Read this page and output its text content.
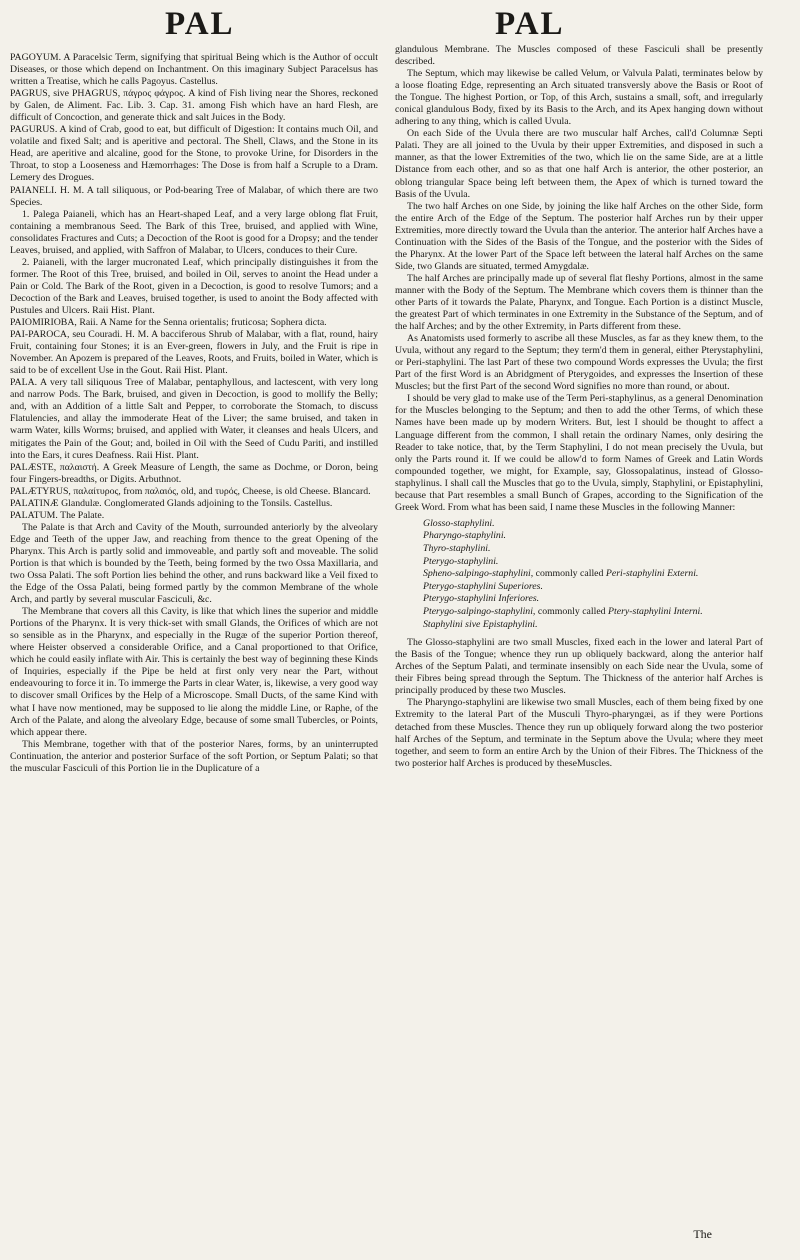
PAL	PAL

PAGOYUM. A Paracelsic Term, signifying that spiritual Being which is the Author of occult Diseases, or those which depend on Inchantment. On this imaginary Subject Paracelsus has written a Treatise, which he calls Pagoyus. Castellus.

PAGRUS, sive PHAGRUS, πάγρος φάγρος. A kind of Fish living near the Shores, reckoned by Galen, de Aliment. Fac. Lib. 3. Cap. 31. among Fish which have an hard Flesh, are difficult of Concoction, and generate thick and salt Juices in the Body.

PAGURUS. A kind of Crab, good to eat, but difficult of Digestion: It contains much Oil, and volatile and fixed Salt; and is aperitive and pectoral. The Shell, Claws, and the Stone in its Head, are aperitive and alcaline, good for the Stone, to provoke Urine, for Disorders in the Throat, to stop a Looseness and Hæmorrhages: The Dose is from half a Scruple to a Dram. Lemery des Drogues.

PAIANELI. H. M. A tall siliquous, or Pod-bearing Tree of Malabar, of which there are two Species.

1. Palega Paianeli, which has an Heart-shaped Leaf, and a very large oblong flat Fruit, containing a membranous Seed. The Bark of this Tree, bruised, and applied with Wine, consolidates Fractures and Cuts; a Decoction of the Root is good for a Dropsy; and the tender Leaves, bruised, and applied, with Saffron of Malabar, to Ulcers, conduces to their Cure.

2. Paianeli, with the larger mucronated Leaf, which principally distinguishes it from the former. The Root of this Tree, bruised, and boiled in Oil, serves to anoint the Head under a Pain or Cold. The Bark of the Root, given in a Decoction, is good to resolve Tumors; and a Decoction of the Bark and Leaves, bruised together, is used to anoint the Body affected with Pustules and Ulcers. Raii Hist. Plant.

PAIOMIRIOBA, Raii. A Name for the Senna orientalis; fruticosa; Sophera dicta.

PAI-PAROCA, seu Couradi. H. M. A bacciferous Shrub of Malabar, with a flat, round, hairy Fruit, containing four Stones; it is an Ever-green, flowers in July, and the Fruit is ripe in November. An Apozem is prepared of the Leaves, Roots, and Fruits, boiled in Water, which is said to be of excellent Use in the Gout. Raii Hist. Plant.

PALA. A very tall siliquous Tree of Malabar, pentaphyllous, and lactescent, with very long and narrow Pods. The Bark, bruised, and given in Decoction, is good to mollify the Belly; and, with an Addition of a little Salt and Pepper, to corroborate the Stomach, to discuss Flatulencies, and allay the immoderate Heat of the Liver; the same bruised, and taken in warm Water, kills Worms; bruised, and applied with Water, it cleanses and heals Ulcers, and mitigates the Pain of the Gout; and, boiled in Oil with the Seed of Cudu Pariti, and instilled into the Ears, it cures Deafness. Raii Hist. Plant.

PALÆSTE, παλαιστή. A Greek Measure of Length, the same as Dochme, or Doron, being four Fingers-breadths, or Digits. Arbuthnot.

PALÆTYRUS, παλαίτυρος, from παλαιός, old, and τυρός, Cheese, is old Cheese. Blancard.

PALATINÆ Glandulæ. Conglomerated Glands adjoining to the Tonsils. Castellus.

PALATUM. The Palate.

The Palate is that Arch and Cavity of the Mouth, surrounded anteriorly by the alveolary Edge and Teeth of the upper Jaw, and reaching from thence to the great Opening of the Pharynx. This Arch is partly solid and immoveable, and partly soft and moveable. The solid Portion is that which is bounded by the Teeth, being formed by the two Ossa Maxillaria, and two Ossa Palati. The soft Portion lies behind the other, and runs backward like a Veil fixed to the Edge of the Ossa Palati, being formed partly by the common Membrane of the whole Arch, and partly by several muscular Fasciculi, &c.

The Membrane that covers all this Cavity, is like that which lines the superior and middle Portions of the Pharynx. It is very thick-set with small Glands, the Orifices of which are not so sensible as in the Pharynx, and especially in the Rugæ of the superior Portion thereof, where Heister observed a considerable Orifice, and a Canal proportioned to that Orifice, which he could easily inflate with Air. This is certainly the best way of beginning these Kinds of Inquiries, especially if the Pipe be held at first only very near the Part, without endeavouring to force it in. To immerge the Parts in clear Water, is, likewise, a very good way to discover small Orifices by the Help of a Microscope. Small Ducts, of the same Kind with what I have now mentioned, may be supposed to lie along the middle Line, or Raphe, of the Arch of the Palate, and along the alveolary Edge, because of some small Tubercles, or Points, which appear there.

This Membrane, together with that of the posterior Nares, forms, by an uninterrupted Continuation, the anterior and posterior Surface of the soft Portion, or Septum Palati; so that the muscular Fasciculi of this Portion lie in the Duplicature of a

glandulous Membrane. The Muscles composed of these Fasciculi shall be presently described.

The Septum, which may likewise be called Velum, or Valvula Palati, terminates below by a loose floating Edge, representing an Arch situated transversly above the Basis or Root of the Tongue. The highest Portion, or Top, of this Arch, sustains a small, soft, and irregularly conical glandulous Body, fixed by its Basis to the Arch, and its Apex hanging down without adhering to any thing, which is called Uvula.

On each Side of the Uvula there are two muscular half Arches, call'd Columnæ Septi Palati. They are all joined to the Uvula by their upper Extremities, and disposed in such a manner, as that the lower Extremities of the two, which lie on the same Side, are at a little Distance from each other, and so as that one half Arch is anterior, the other posterior, an oblong triangular Space being left between them, the Apex of which is turned toward the Basis of the Uvula.

The two half Arches on one Side, by joining the like half Arches on the other Side, form the entire Arch of the Edge of the Septum. The posterior half Arches run by their upper Extremities, more directly toward the Uvula than the anterior. The anterior half Arches have a Continuation with the Sides of the Basis of the Tongue, and the posterior with the Sides of the Pharynx. At the lower Part of the Space left between the lateral half Arches on the same Side, two Glands are situated, termed Amygdalæ.

The half Arches are principally made up of several flat fleshy Portions, almost in the same manner with the Body of the Septum. The Membrane which covers them is thinner than the other Parts of it towards the Palate, Pharynx, and Tongue. Each Portion is a distinct Muscle, the greatest Part of which terminates in one Extremity in the Substance of the Septum, and of the half Arches; and by the other Extremity, in Parts different from these.

As Anatomists used formerly to ascribe all these Muscles, as far as they knew them, to the Uvula, without any regard to the Septum; they term'd them in general, either Pterystaphylini, or Peri-staphylini. The last Part of these two compound Words expresses the Uvula; the first Part of the first Word is an Abridgment of Pterygoides, and expresses the Insertion of these Muscles; but the first Part of the second Word signifies no more than round, or about.

I should be very glad to make use of the Term Peri-staphylinus, as a general Denomination for the Muscles belonging to the Septum; and then to add the other Terms, of which these Names have been made up by modern Writers. But, lest I should be thought to affect a Language different from the common, I shall retain the ordinary Names, only desiring the Reader to take notice, that, by the Term Staphylini, I do not mean precisely the Uvula, but only the Parts round it. If we could be allow'd to form Names of Greek and Latin Words compounded together, we might, for Example, say, Glossopalatinus, instead of Glosso-staphylinus. I shall call the Muscles that go to the Uvula, simply, Staphylini, or Epistaphylini, because that Part resembles a small Bunch of Grapes, according to the Signification of the Greek Word. From what has been said, I name these Muscles in the following Manner:

Glosso-staphylini.
Pharyngo-staphylini.
Thyro-staphylini.
Pterygo-staphylini.
Spheno-salpingo-staphylini, commonly called Peri-staphylini Externi.
Pterygo-staphylini Superiores.
Pterygo-staphylini Inferiores.
Pterygo-salpingo-staphylini, commonly called Ptery-staphylini Interni.
Staphylini sive Epistaphylini.

The Glosso-staphylini are two small Muscles, fixed each in the lower and lateral Part of the Basis of the Tongue; whence they run up obliquely backward, along the anterior half Arches of the Septum Palati, and terminate insensibly on each Side near the Uvula, some of their Fibres being spread through the Septum. The Thickness of the anterior half Arches is principally produced by these two Muscles.

The Pharyngo-staphylini are likewise two small Muscles, each of them being fixed by one Extremity to the lateral Part of the Musculi Thyro-pharyngæi, as if they were Portions detached from these Muscles. Thence they run up obliquely forward along the two posterior half Arches of the Septum, and terminate in the Septum above the Uvula; where they meet together, and seem to form an entire Arch by the Union of their Fibres. The Thickness of the two posterior half Arches is produced by theseMuscles.

The
